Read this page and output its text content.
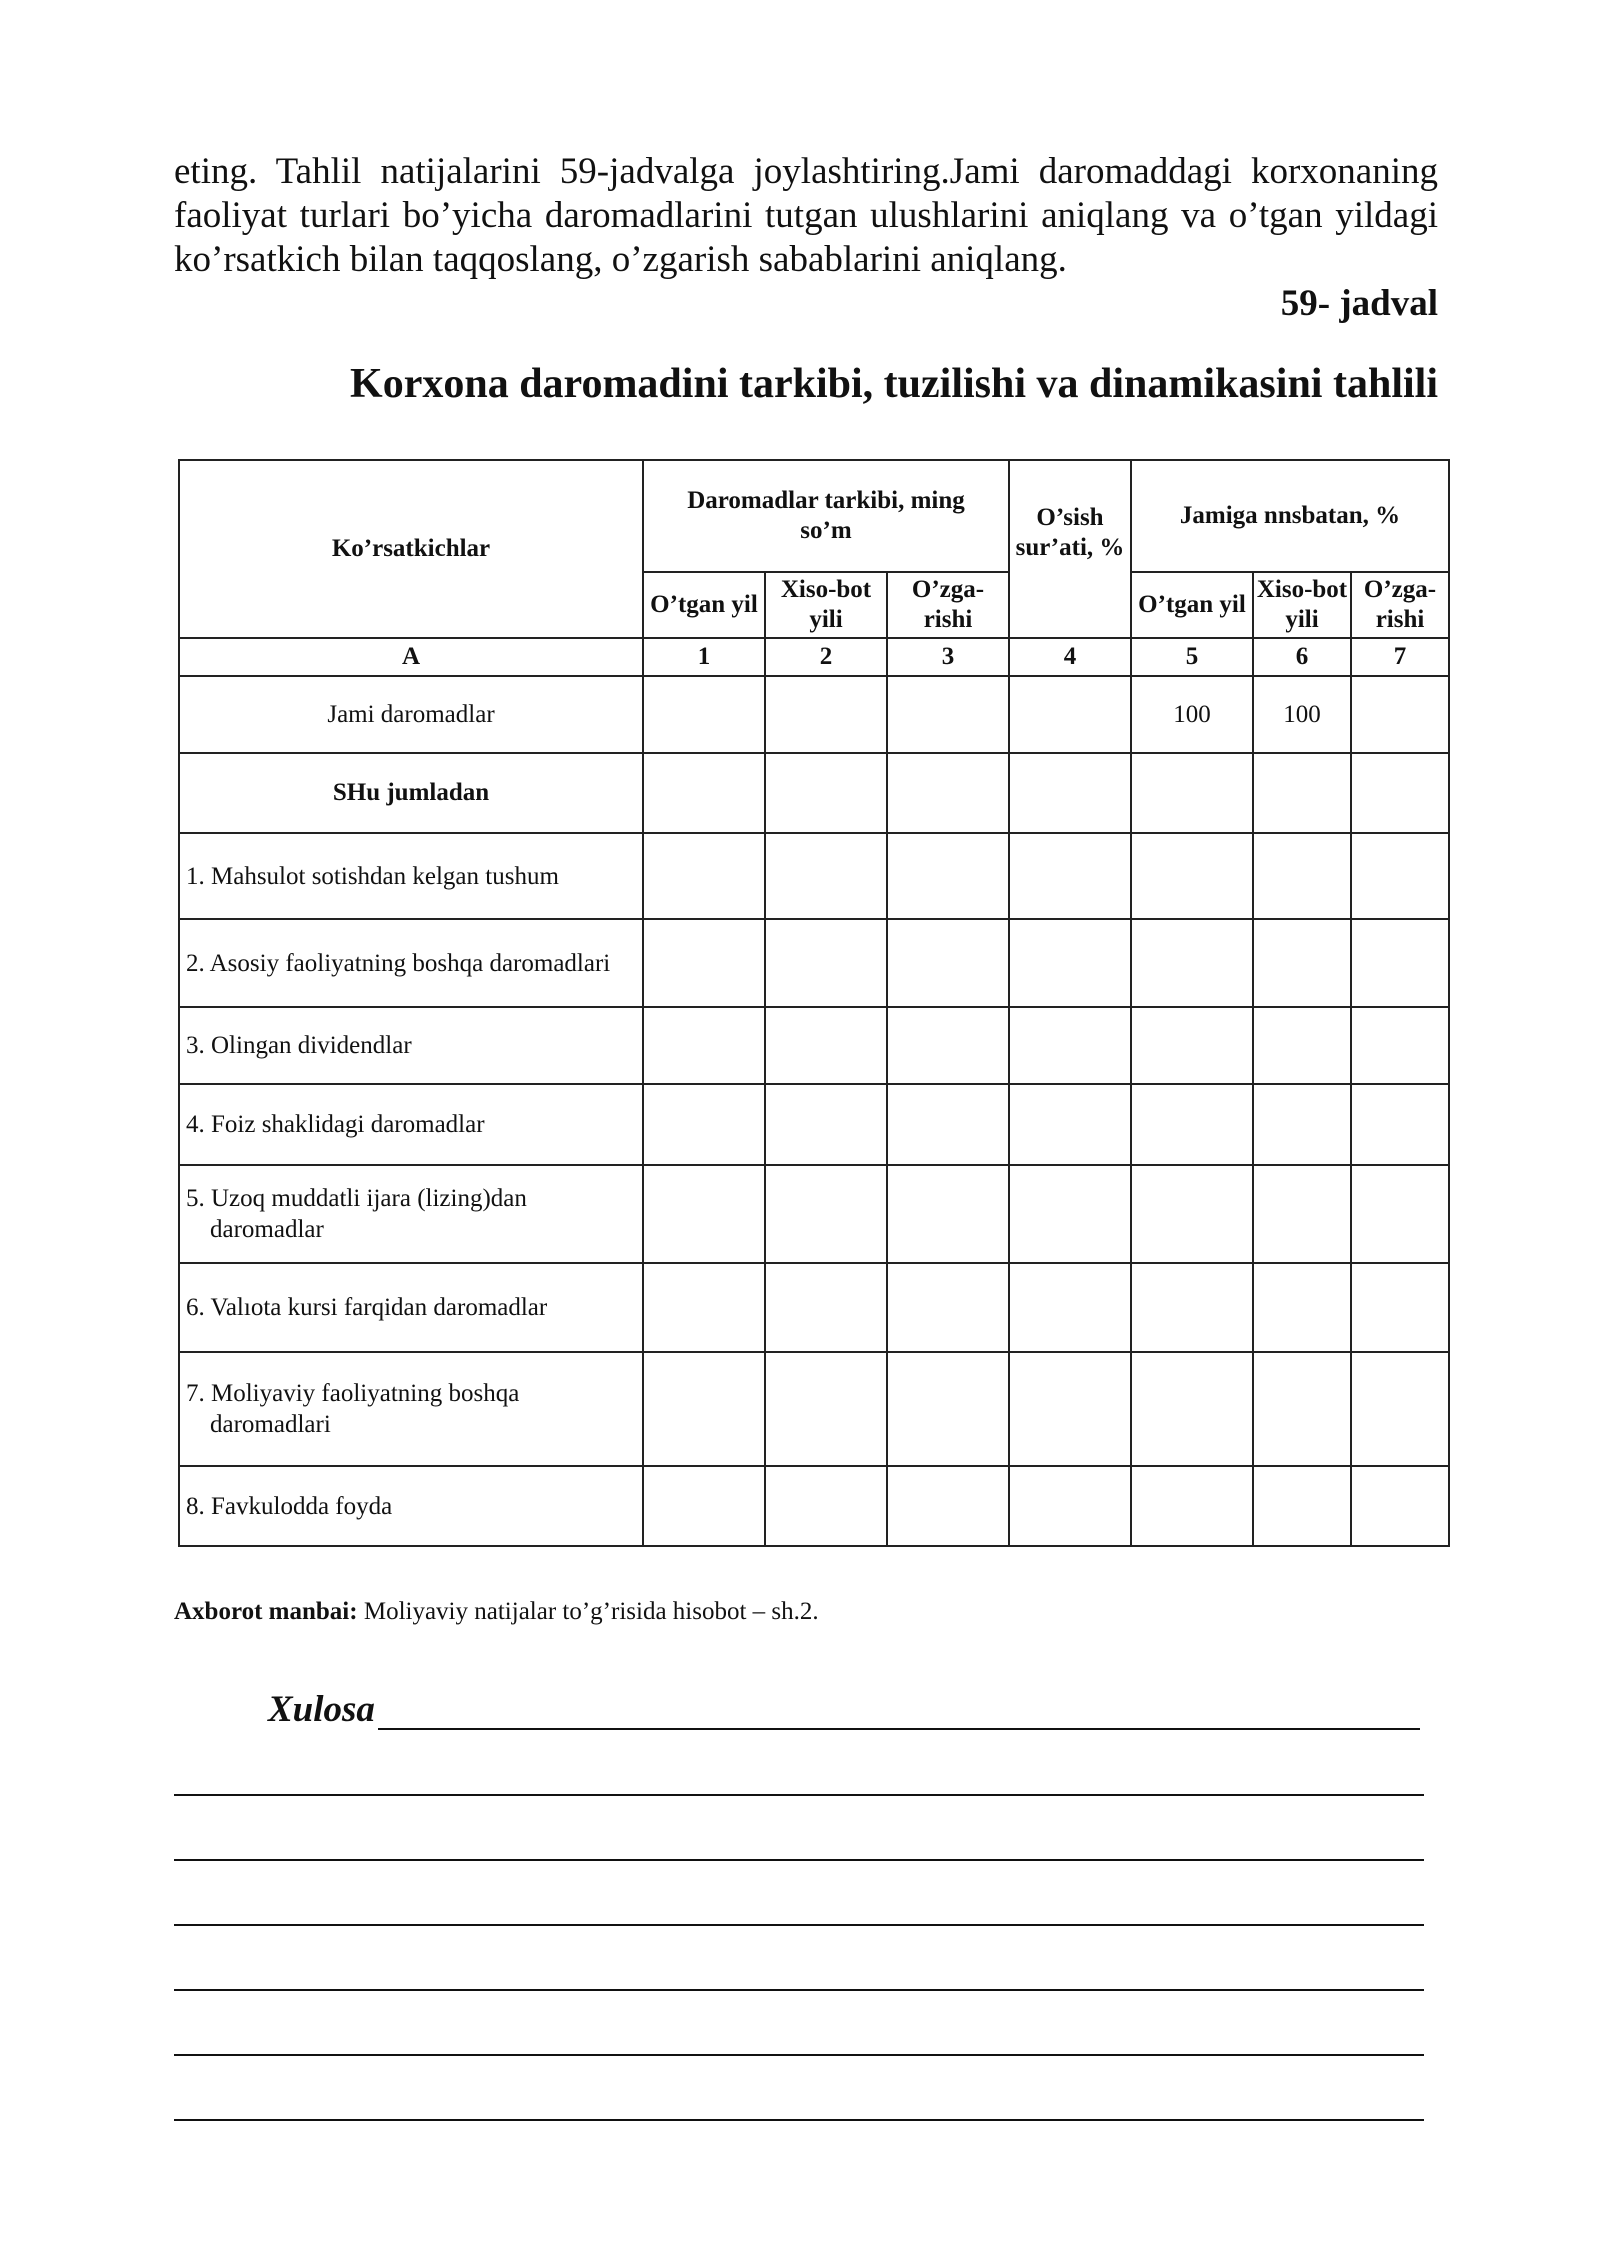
eting. Tahlil natijalarini 59-jadvalga joylashtiring.Jami daromaddagi korxonaning faoliyat turlari bo’yicha daromadlarini tutgan ulushlarini aniqlang va o’tgan yildagi ko’rsatkich bilan taqqoslang, o’zgarish sabablarini aniqlang.
59- jadval
Korxona daromadini tarkibi, tuzilishi va dinamikasini tahlili
Ko’rsatkichlar	Daromadlar tarkibi, ming so’m			O’sish sur’ati, %	Jamiga nnsbatan, %		
	O’tgan yil	Xiso-bot yili	O’zga-rishi		O’tgan yil	Xiso-bot yili	O’zga-rishi
A	1	2	3	4	5	6	7
Jami daromadlar					100	100	
SHu jumladan							

1. Mahsulot sotishdan kelgan tushum							

2. Asosiy faoliyatning boshqa daromadlari							

3. Olingan dividendlar							

4. Foiz shaklidagi daromadlar							

5. Uzoq muddatli ijara (lizing)dan daromadlar							

6. Valıota kursi farqidan daromadlar							

7. Moliyaviy faoliyatning boshqa daromadlari							

8. Favkulodda foyda							

Axborot manbai: Moliyaviy natijalar to’g’risida hisobot – sh.2.
Xulosa
